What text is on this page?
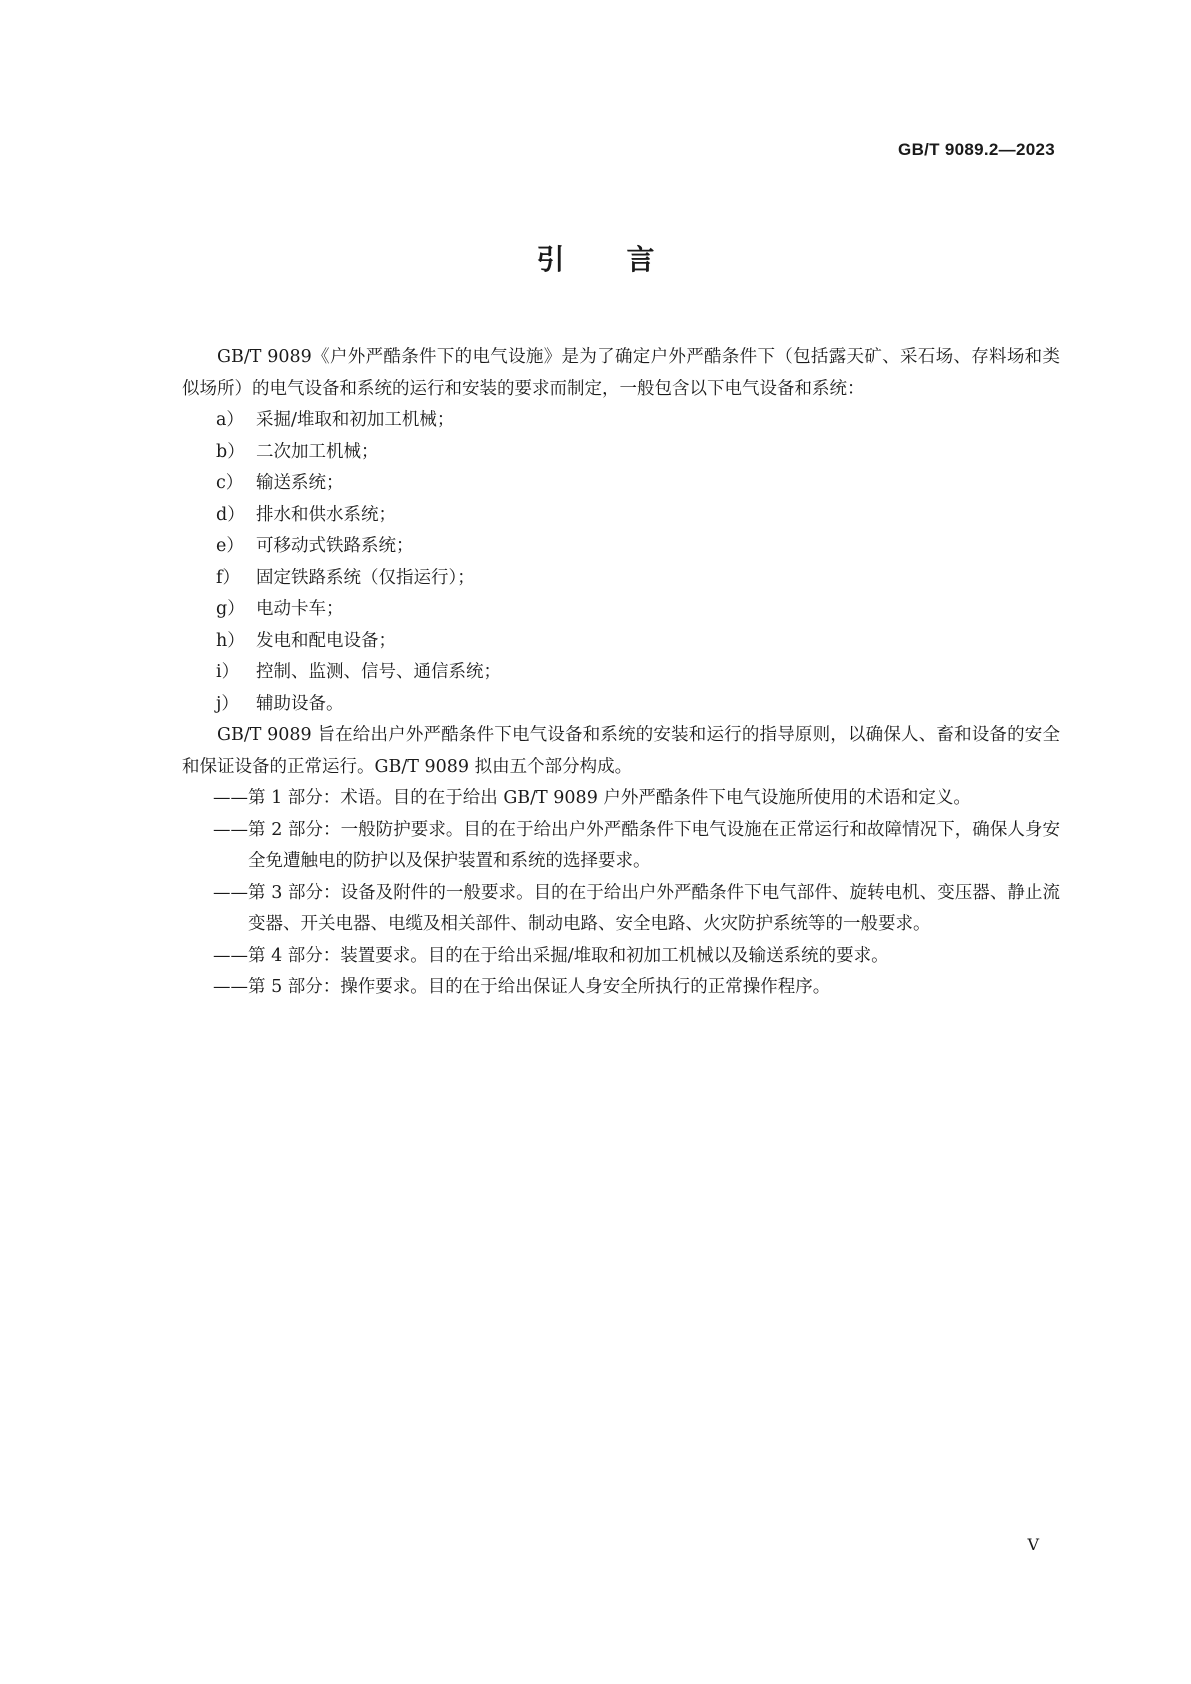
GB/T 9089.2—2023
引 言

GB/T 9089《户外严酷条件下的电气设施》是为了确定户外严酷条件下（包括露天矿、采石场、存料场和类似场所）的电气设备和系统的运行和安装的要求而制定，一般包含以下电气设备和系统：

a） 采掘/堆取和初加工机械；
b） 二次加工机械；
c） 输送系统；
d） 排水和供水系统；
e） 可移动式铁路系统；
f） 固定铁路系统（仅指运行）；
g） 电动卡车；
h） 发电和配电设备；
i） 控制、监测、信号、通信系统；
j） 辅助设备。

GB/T 9089 旨在给出户外严酷条件下电气设备和系统的安装和运行的指导原则，以确保人、畜和设备的安全和保证设备的正常运行。GB/T 9089 拟由五个部分构成。

——第 1 部分：术语。目的在于给出 GB/T 9089 户外严酷条件下电气设施所使用的术语和定义。

——第 2 部分：一般防护要求。目的在于给出户外严酷条件下电气设施在正常运行和故障情况下，确保人身安全免遭触电的防护以及保护装置和系统的选择要求。

——第 3 部分：设备及附件的一般要求。目的在于给出户外严酷条件下电气部件、旋转电机、变压器、静止流变器、开关电器、电缆及相关部件、制动电路、安全电路、火灾防护系统等的一般要求。

——第 4 部分：装置要求。目的在于给出采掘/堆取和初加工机械以及输送系统的要求。

——第 5 部分：操作要求。目的在于给出保证人身安全所执行的正常操作程序。

V
